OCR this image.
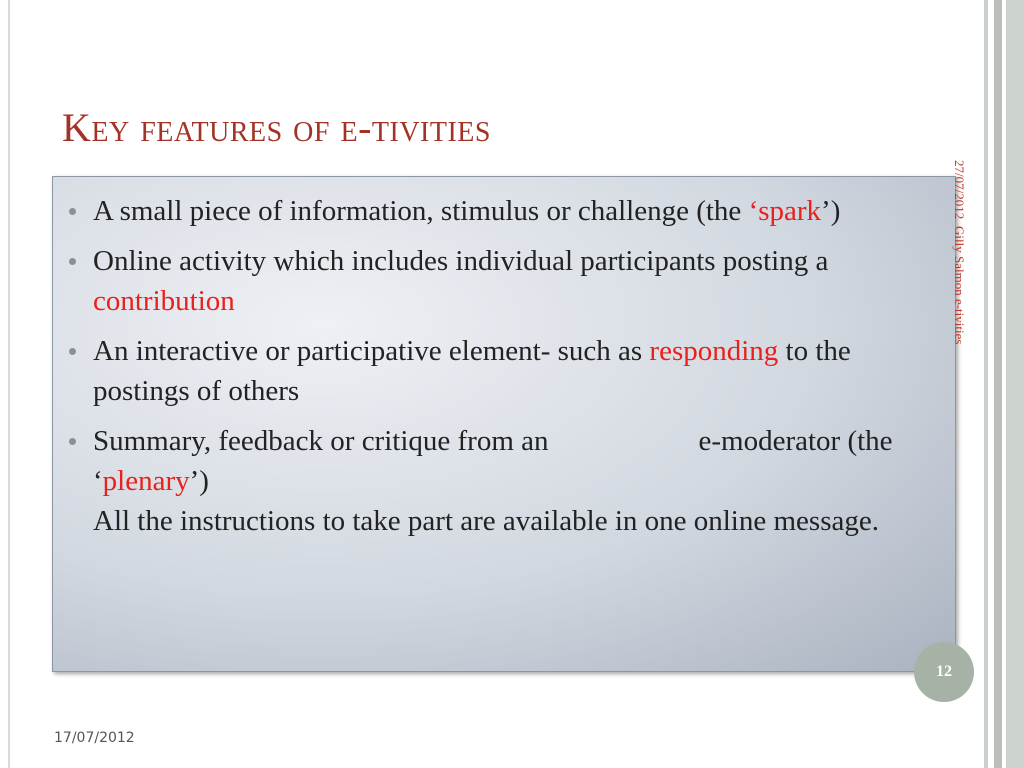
Key features of e-tivities
A small piece of information, stimulus or challenge (the ‘spark’)
Online activity which includes individual participants posting a contribution
An interactive or participative element- such as responding to the postings of others
Summary, feedback or critique from an	e-moderator (the ‘plenary’)
All the instructions to take part are available in one online message.
27/07/2012  Gilly Salmon e-tivities
12
17/07/2012
